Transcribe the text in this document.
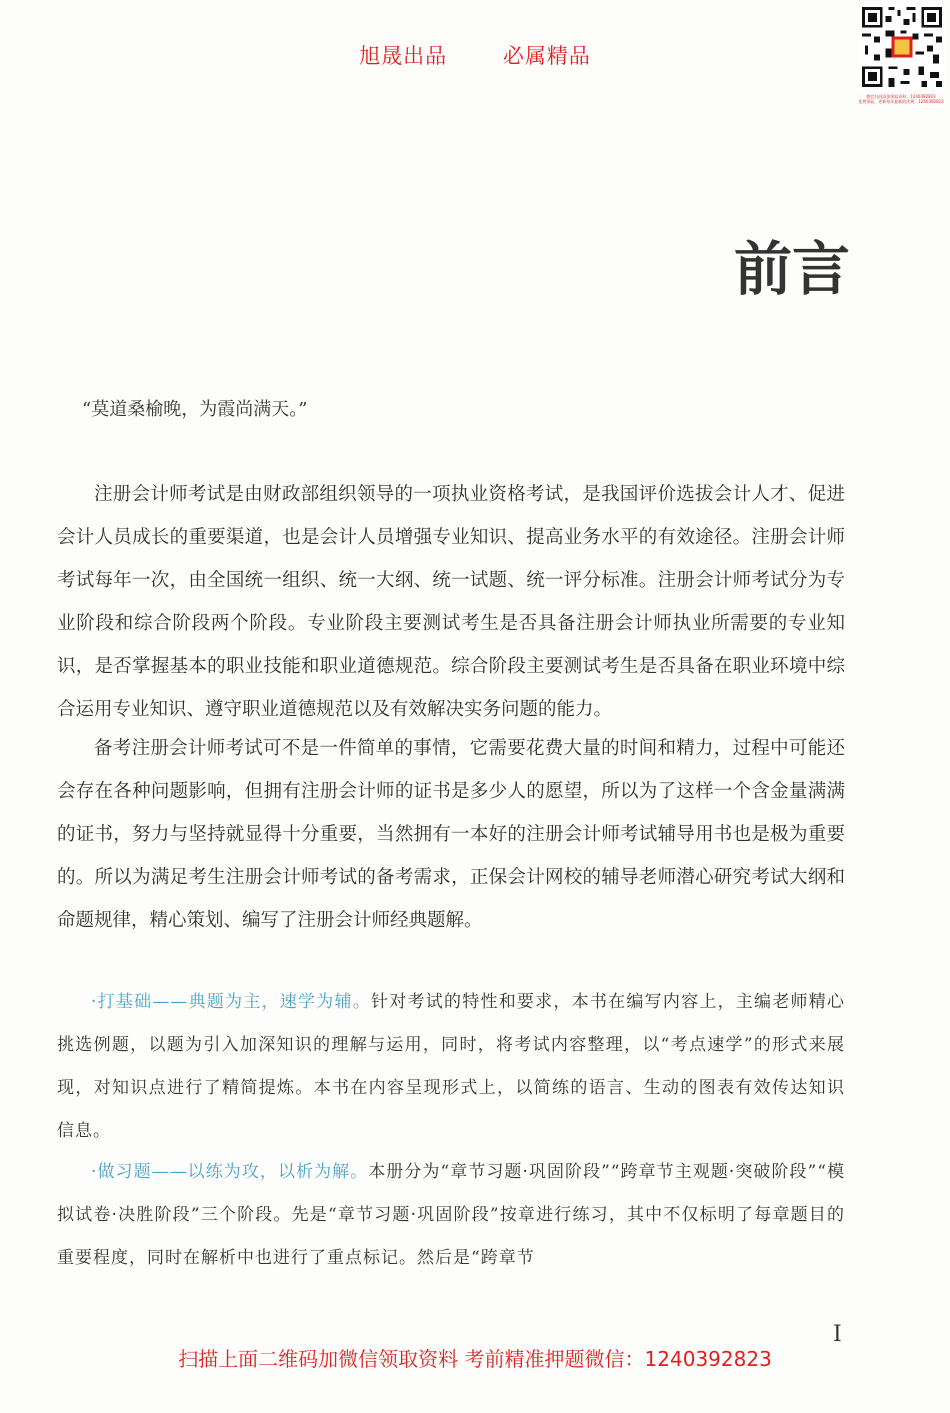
旭晟出品	必属精品
微信扫码添加领取资料：1240392823
免费领取，更新每年最新的法规：1240392823
前言
“莫道桑榆晚，为霞尚满天。”
注册会计师考试是由财政部组织领导的一项执业资格考试，是我国评价选拔会计人才、促进会计人员成长的重要渠道，也是会计人员增强专业知识、提高业务水平的有效途径。注册会计师考试每年一次，由全国统一组织、统一大纲、统一试题、统一评分标准。注册会计师考试分为专业阶段和综合阶段两个阶段。专业阶段主要测试考生是否具备注册会计师执业所需要的专业知识，是否掌握基本的职业技能和职业道德规范。综合阶段主要测试考生是否具备在职业环境中综合运用专业知识、遵守职业道德规范以及有效解决实务问题的能力。
备考注册会计师考试可不是一件简单的事情，它需要花费大量的时间和精力，过程中可能还会存在各种问题影响，但拥有注册会计师的证书是多少人的愿望，所以为了这样一个含金量满满的证书，努力与坚持就显得十分重要，当然拥有一本好的注册会计师考试辅导用书也是极为重要的。所以为满足考生注册会计师考试的备考需求，正保会计网校的辅导老师潜心研究考试大纲和命题规律，精心策划、编写了注册会计师经典题解。
·打基础——典题为主，速学为辅。针对考试的特性和要求，本书在编写内容上，主编老师精心挑选例题，以题为引入加深知识的理解与运用，同时，将考试内容整理，以“考点速学”的形式来展现，对知识点进行了精简提炼。本书在内容呈现形式上，以简练的语言、生动的图表有效传达知识信息。
·做习题——以练为攻，以析为解。本册分为“章节习题·巩固阶段”“跨章节主观题·突破阶段”“模拟试卷·决胜阶段”三个阶段。先是“章节习题·巩固阶段”按章进行练习，其中不仅标明了每章题目的重要程度，同时在解析中也进行了重点标记。然后是“跨章节
I
扫描上面二维码加微信领取资料 考前精准押题微信：1240392823
